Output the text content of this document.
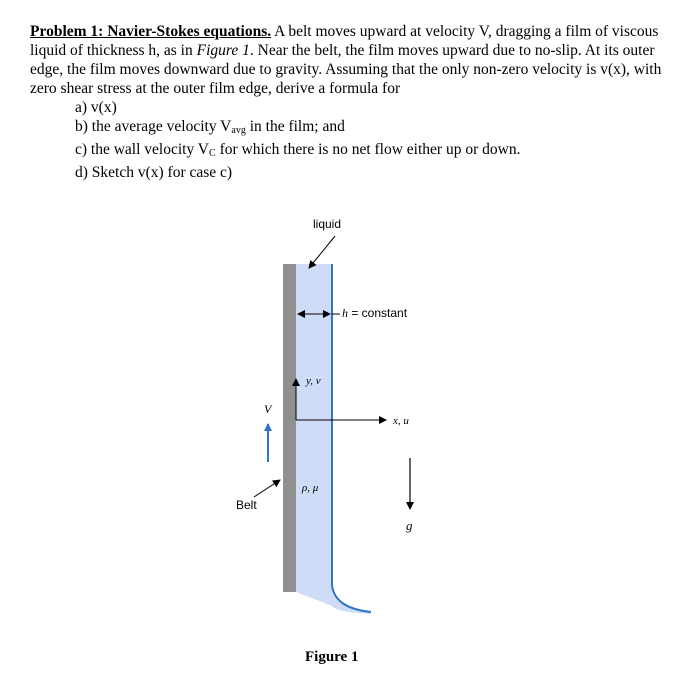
Problem 1: Navier-Stokes equations. A belt moves upward at velocity V, dragging a film of viscous liquid of thickness h, as in Figure 1. Near the belt, the film moves upward due to no-slip. At its outer edge, the film moves downward due to gravity. Assuming that the only non-zero velocity is v(x), with zero shear stress at the outer film edge, derive a formula for
a) v(x)
b) the average velocity $V_{avg}$ in the film; and
c) the wall velocity $V_C$ for which there is no net flow either up or down.
d) Sketch v(x) for case c)
liquid
h = constant
y, v
x, u
V
ρ, μ
Belt
g
Figure 1
